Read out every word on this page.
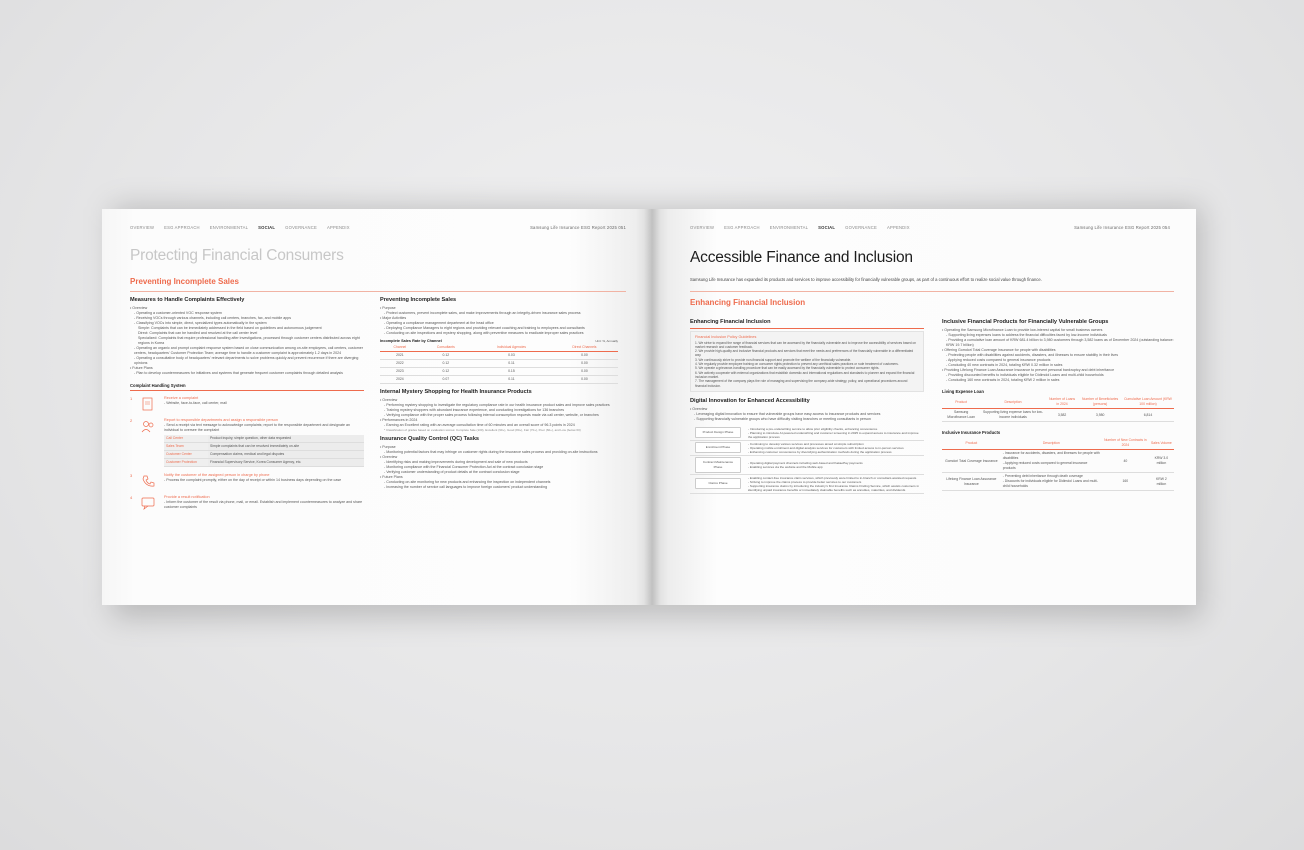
OVERVIEW ESG APPROACH ENVIRONMENTAL SOCIAL GOVERNANCE APPENDIX	Samsung Life Insurance ESG Report 2025 051
Protecting Financial Consumers
Preventing Incomplete Sales
Measures to Handle Complaints Effectively
• Overview
- Operating a customer-oriented VOC response system
- Receiving VOCs through various channels, including call centers, branches, fax, and mobile apps
- Classifying VOCs into simple, direct, specialized types automatically in the system
Simple: Complaints that can be immediately addressed in the field based on guidelines and autonomous judgement
Direct: Complaints that can be handled and resolved at the call center level
Specialized: Complaints that require professional handling after investigations, processed through customer centers distributed across eight regions in Korea
- Operating an organic and prompt complaint response system based on close communication among on-site employees, call centers, customer centers, headquarters' Customer Protection Team; average time to handle a customer complaint is approximately 1.2 days in 2024
- Operating a consultative body of headquarters' relevant departments to solve problems quickly and prevent recurrence if there are diverging opinions
• Future Plans
- Plan to develop countermeasures for initiatives and systems that generate frequent customer complaints through detailed analysis
Complaint Handling System
1	Receive a complaint
- Website, face-to-face, call center, mail
2	Report to responsible departments and assign a responsible person
- Send a receipt via text message to acknowledge complaints; report to the responsible department and designate an individual to oversee the complaint
Call Center	Product inquiry, simple question, other data requested
Sales Team	Simple complaints that can be resolved immediately on-site
Customer Center	Compensation claims, medical and legal disputes
Customer Protection	Financial Supervisory Service, Korea Consumer Agency, etc.
3	Notify the customer of the assigned person in charge by phone
- Process the complaint promptly, either on the day of receipt or within 14 business days depending on the case
4	Provide a result notification
- Inform the customer of the result via phone, mail, or email. Establish and implement countermeasures to analyze and share customer complaints
Preventing Incomplete Sales
• Purpose
- Protect customers, prevent incomplete sales, and make improvements through an integrity-driven insurance sales process
• Major Activities
- Operating a compliance management department at the head office
- Deploying Compliance Managers to eight regions and providing relevant coaching and training to employees and consultants
- Conducting on-site inspections and mystery shopping, along with preventive measures to eradicate improper sales practices
Incomplete Sales Rate by Channel	Unit: %, Annually
Channel	Consultants	Individual Agencies	Direct Channels
2021	0.12	0.03	0.00
2022	0.12	0.11	0.00
2023	0.12	0.15	0.00
2024	0.07	0.11	0.00
Internal Mystery Shopping for Health Insurance Products
• Overview
- Performing mystery shopping to investigate the regulatory compliance rate in our health insurance product sales and improve sales practices
- Training mystery shoppers with abundant insurance experience, and conducting investigations for 136 branches
- Verifying compliance with the proper sales process following internal consumption requests made via call center, website, or branches
• Performances in 2024
- Earning an Excellent rating with an average consultation time of 60 minutes and an overall score of 96.3 points in 2024
* Classification of grades based on evaluation scores: Complete Sale (100), Excellent (90+), Good (80+), Fair (70+), Poor (60+), and Low (below 60)
Insurance Quality Control (QC) Tasks
• Purpose
- Monitoring potential factors that may infringe on customer rights during the insurance sales process and providing on-site instructions
• Overview
- Identifying risks and making improvements during development and sale of new products
- Monitoring compliance with the Financial Consumer Protection Act at the contract conclusion stage
- Verifying customer understanding of product details at the contract conclusion stage
• Future Plans
- Conducting on-site monitoring for new products and enhancing the inspection on independent channels
- Increasing the number of service call languages to improve foreign customers' product understanding
OVERVIEW ESG APPROACH ENVIRONMENTAL SOCIAL GOVERNANCE APPENDIX	Samsung Life Insurance ESG Report 2025 054
Accessible Finance and Inclusion
Samsung Life Insurance has expanded its products and services to improve accessibility for financially vulnerable groups, as part of a continuous effort to realize social value through finance.
Enhancing Financial Inclusion
Enhancing Financial Inclusion
Financial Inclusion Policy Guidelines
1. We strive to expand the range of financial services that can be accessed by the financially vulnerable and to improve the accessibility of services based on market research and customer feedback.
2. We provide high-quality and inclusive financial products and services that meet the needs and preferences of the financially vulnerable in a differentiated way.
3. We continuously strive to provide non-financial support and promote the welfare of the financially vulnerable.
4. We regularly provide employee training on consumer rights protection to prevent any unethical sales practices or rude treatment of customers.
5. We operate a grievance-handling procedure that can be easily accessed by the financially vulnerable to protect consumer rights.
6. We actively cooperate with external organizations that establish domestic and international regulations and standards to pioneer and expand the financial inclusion market.
7. The management of the company plays the role of managing and supervising the company-wide strategy, policy, and operational procedures around financial inclusion.
Digital Innovation for Enhanced Accessibility
• Overview
- Leveraging digital innovation to ensure that vulnerable groups have easy access to insurance products and services
- Supporting financially vulnerable groups who have difficulty visiting branches or meeting consultants in person
Product Design Phase	- Introducing a pre-underwriting service to allow prior eligibility checks, enhancing convenience
- Planning to introduce AI-powered underwriting and customer screening in 2025 to expand access to insurance and improve the application process
Enrollment Phase	- Continuing to develop various services and processes aimed at simple subscription
- Operating mobile enrollment and digital analysis services for customers with limited access to in-person services
- Enhancing customer convenience by diversifying authentication methods during the application process
Contract Maintenance Phase	- Operating digital payment channels including web-based and KakaoPay payments
- Enabling services via the website and the Mobile app
Claims Phase	- Enabling contact-free insurance claim services, which previously were limited to in-branch or consultant-assisted requests
- Striving to improve the claims process to provide better services to our customers
- Supporting insurance claims by introducing the industry's first Insurance Claims Finding Service, which assists customers in identifying unpaid insurance benefits or immediately claimable benefits such as annuities, maturities, and dividends
Inclusive Financial Products for Financially Vulnerable Groups
• Operating the Samsung Microfinance Loan to provide low-interest capital for small business owners
- Supporting living expenses loans to address the financial difficulties faced by low-income individuals
- Providing a cumulative loan amount of KRW 681.4 billion to 3,980 customers through 3,582 loans as of December 2024 (outstanding balance: KRW 19.7 billion)
• Offering Gomdori Total Coverage Insurance for people with disabilities
- Protecting people with disabilities against accidents, disasters, and illnesses to ensure stability in their lives
- Applying reduced costs compared to general insurance products
- Concluding 40 new contracts in 2024, totaling KRW 0.32 million in sales
• Providing Lifelong Finance Loan Assurance Insurance to prevent personal bankruptcy and debt inheritance
- Providing discounted benefits to individuals eligible for Didimdol Loans and multi-child households
- Concluding 160 new contracts in 2024, totaling KRW 2 million in sales
Living Expense Loan
Product	Description	Number of Loans in 2024	Number of Beneficiaries (persons)	Cumulative Loan Amount (KRW 100 million)
Samsung Microfinance Loan	Supporting living expense loans for low-income individuals	3,582	3,980	6,814
Inclusive Insurance Products
Product	Description	Number of New Contracts in 2024	Sales Volume
Gomdori Total Coverage Insurance	- Insurance for accidents, disasters, and illnesses for people with disabilities
- Applying reduced costs compared to general insurance products	40	KRW 3.0 million
Lifelong Finance Loan Assurance Insurance	- Preventing debt inheritance through death coverage
- Discounts for individuals eligible for Didimdol Loans and multi-child households	160	KRW 2 million
